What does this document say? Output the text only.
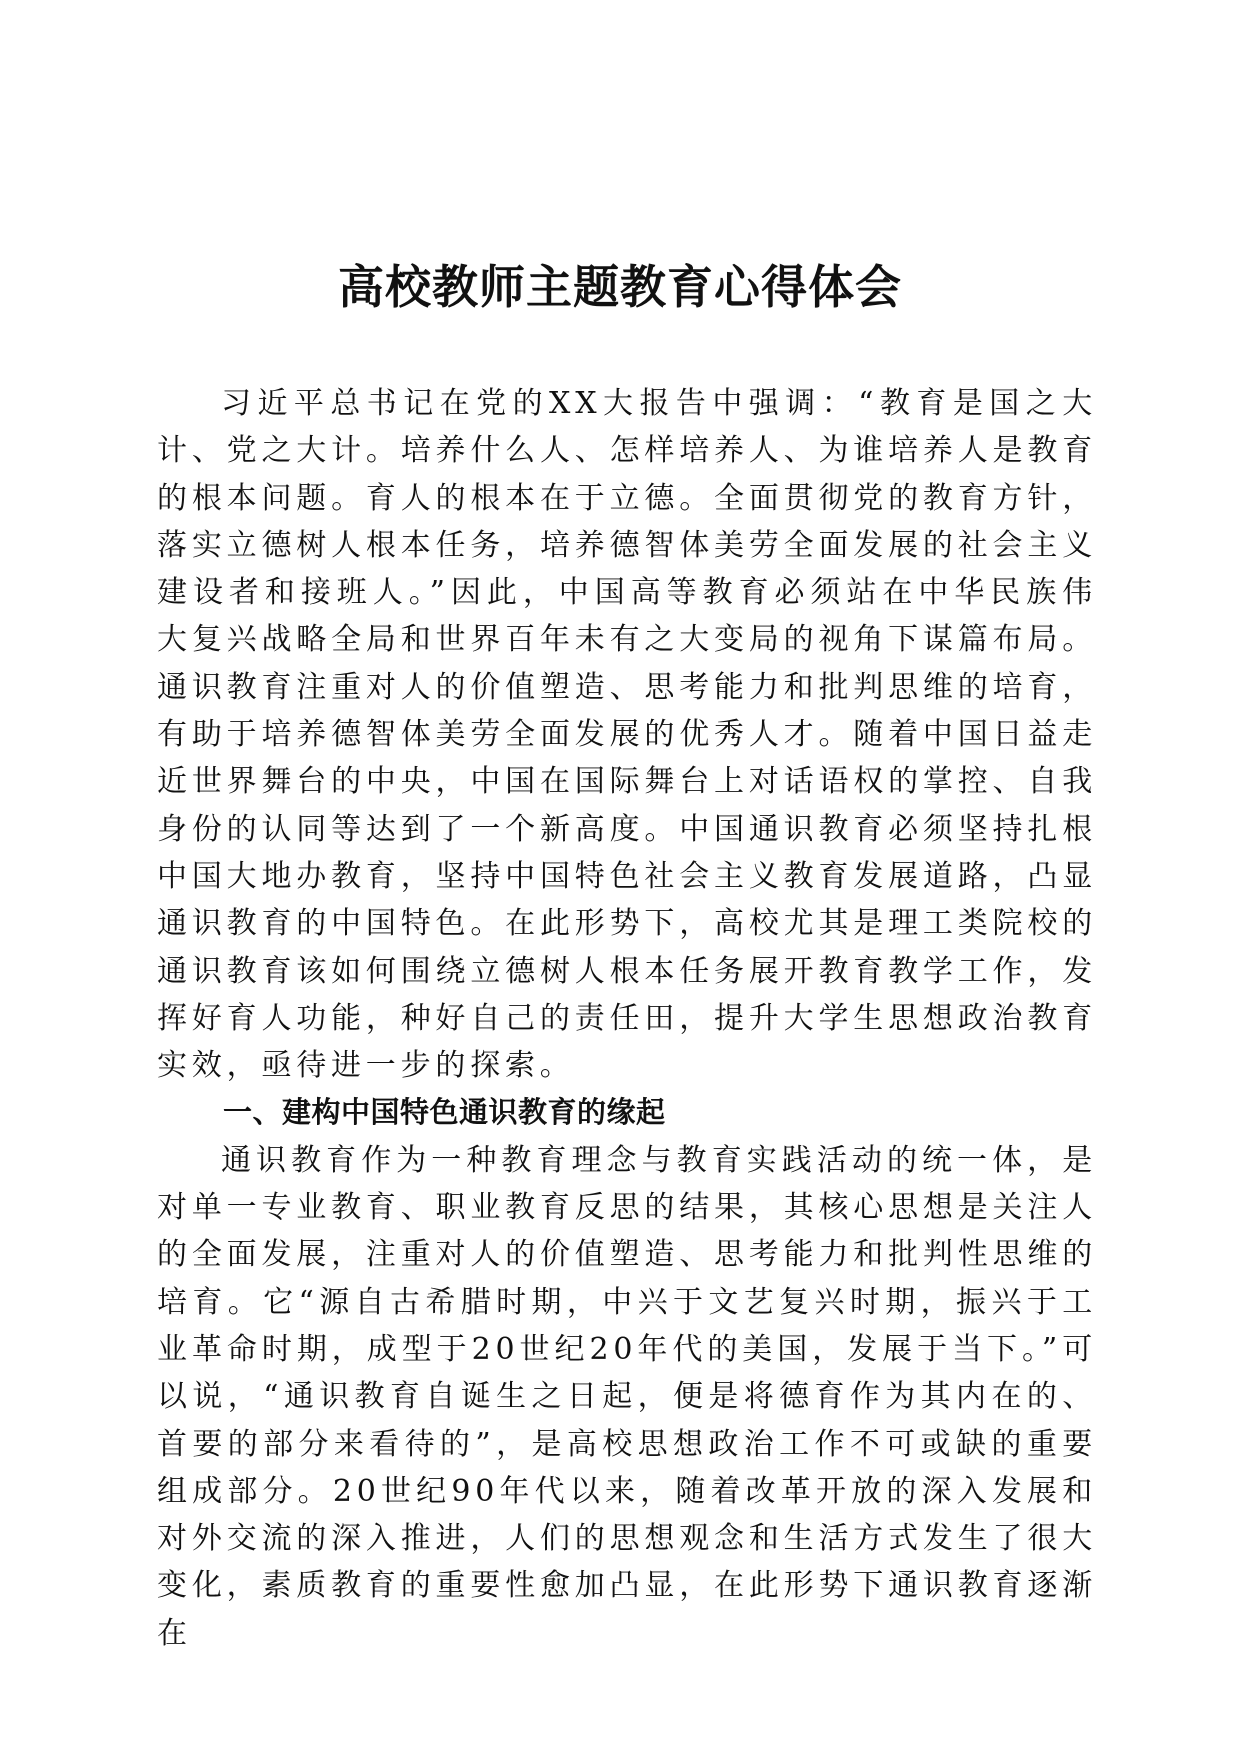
高校教师主题教育心得体会

习近平总书记在党的XX大报告中强调：“教育是国之大计、党之大计。培养什么人、怎样培养人、为谁培养人是教育的根本问题。育人的根本在于立德。全面贯彻党的教育方针，落实立德树人根本任务，培养德智体美劳全面发展的社会主义建设者和接班人。”因此，中国高等教育必须站在中华民族伟大复兴战略全局和世界百年未有之大变局的视角下谋篇布局。通识教育注重对人的价值塑造、思考能力和批判思维的培育，有助于培养德智体美劳全面发展的优秀人才。随着中国日益走近世界舞台的中央，中国在国际舞台上对话语权的掌控、自我身份的认同等达到了一个新高度。中国通识教育必须坚持扎根中国大地办教育，坚持中国特色社会主义教育发展道路，凸显通识教育的中国特色。在此形势下，高校尤其是理工类院校的通识教育该如何围绕立德树人根本任务展开教育教学工作，发挥好育人功能，种好自己的责任田，提升大学生思想政治教育实效，亟待进一步的探索。

一、建构中国特色通识教育的缘起

通识教育作为一种教育理念与教育实践活动的统一体，是对单一专业教育、职业教育反思的结果，其核心思想是关注人的全面发展，注重对人的价值塑造、思考能力和批判性思维的培育。它“源自古希腊时期，中兴于文艺复兴时期，振兴于工业革命时期，成型于20世纪20年代的美国，发展于当下。”可以说，“通识教育自诞生之日起，便是将德育作为其内在的、首要的部分来看待的”，是高校思想政治工作不可或缺的重要组成部分。20世纪90年代以来，随着改革开放的深入发展和对外交流的深入推进，人们的思想观念和生活方式发生了很大变化，素质教育的重要性愈加凸显，在此形势下通识教育逐渐在
